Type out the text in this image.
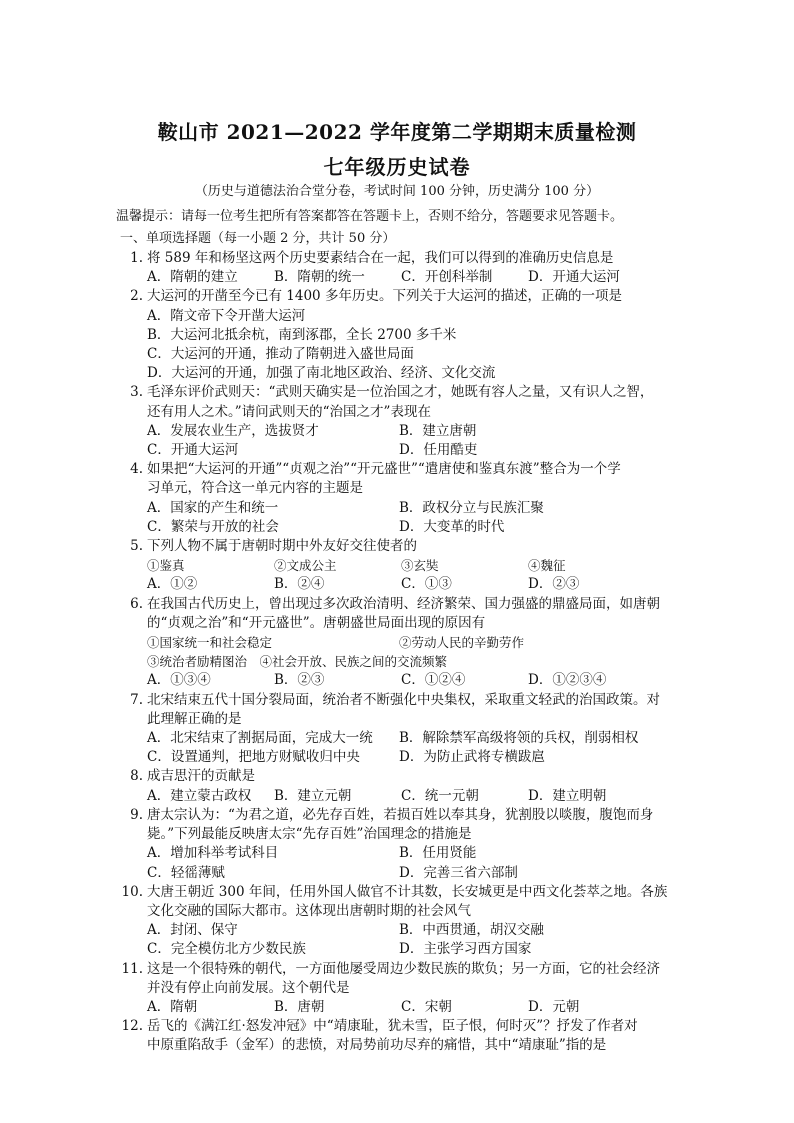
鞍山市 2021—2022 学年度第二学期期末质量检测
七年级历史试卷
（历史与道德法治合堂分卷，考试时间 100 分钟，历史满分 100 分）
温馨提示：请每一位考生把所有答案都答在答题卡上，否则不给分，答题要求见答题卡。
一、单项选择题（每一小题 2 分，共计 50 分）
1. 将 589 年和杨坚这两个历史要素结合在一起，我们可以得到的准确历史信息是
A．隋朝的建立	B．隋朝的统一	C．开创科举制	D．开通大运河
2. 大运河的开凿至今已有 1400 多年历史。下列关于大运河的描述，正确的一项是
A．隋文帝下令开凿大运河
B．大运河北抵余杭，南到涿郡，全长 2700 多千米
C．大运河的开通，推动了隋朝进入盛世局面
D．大运河的开通，加强了南北地区政治、经济、文化交流
3. 毛泽东评价武则天：“武则天确实是一位治国之才，她既有容人之量，又有识人之智，
还有用人之术。”请问武则天的“治国之才”表现在
A．发展农业生产，选拔贤才	B．建立唐朝
C．开通大运河	D．任用酷吏
4. 如果把“大运河的开通”“贞观之治”“开元盛世”“遣唐使和鉴真东渡”整合为一个学
习单元，符合这一单元内容的主题是
A．国家的产生和统一	B．政权分立与民族汇聚
C．繁荣与开放的社会	D．大变革的时代
5. 下列人物不属于唐朝时期中外友好交往使者的
①鉴真	②文成公主	③玄奘	④魏征
A．①②	B．②④	C．①③	D．②③
6. 在我国古代历史上，曾出现过多次政治清明、经济繁荣、国力强盛的鼎盛局面，如唐朝
的“贞观之治”和“开元盛世”。唐朝盛世局面出现的原因有
①国家统一和社会稳定	②劳动人民的辛勤劳作
③统治者励精图治　④社会开放、民族之间的交流频繁
A．①③④	B．②③	C．①②④	D．①②③④
7. 北宋结束五代十国分裂局面，统治者不断强化中央集权，采取重文轻武的治国政策。对
此理解正确的是
A．北宋结束了割据局面，完成大一统	B．解除禁军高级将领的兵权，削弱相权
C．设置通判，把地方财赋收归中央	D．为防止武将专横跋扈
8. 成吉思汗的贡献是
A．建立蒙古政权	B．建立元朝	C．统一元朝	D．建立明朝
9. 唐太宗认为：“为君之道，必先存百姓，若损百姓以奉其身，犹割股以啖腹，腹饱而身
毙。”下列最能反映唐太宗“先存百姓”治国理念的措施是
A．增加科举考试科目	B．任用贤能
C．轻徭薄赋	D．完善三省六部制
10. 大唐王朝近 300 年间，任用外国人做官不计其数，长安城更是中西文化荟萃之地。各族
文化交融的国际大都市。这体现出唐朝时期的社会风气
A．封闭、保守	B．中西贯通，胡汉交融
C．完全模仿北方少数民族	D．主张学习西方国家
11. 这是一个很特殊的朝代，一方面他屡受周边少数民族的欺负；另一方面，它的社会经济
并没有停止向前发展。这个朝代是
A．隋朝	B．唐朝	C．宋朝	D．元朝
12. 岳飞的《满江红·怒发冲冠》中“靖康耻，犹未雪，臣子恨，何时灭”？抒发了作者对
中原重陷敌手（金军）的悲愤，对局势前功尽弃的痛惜，其中“靖康耻”指的是
